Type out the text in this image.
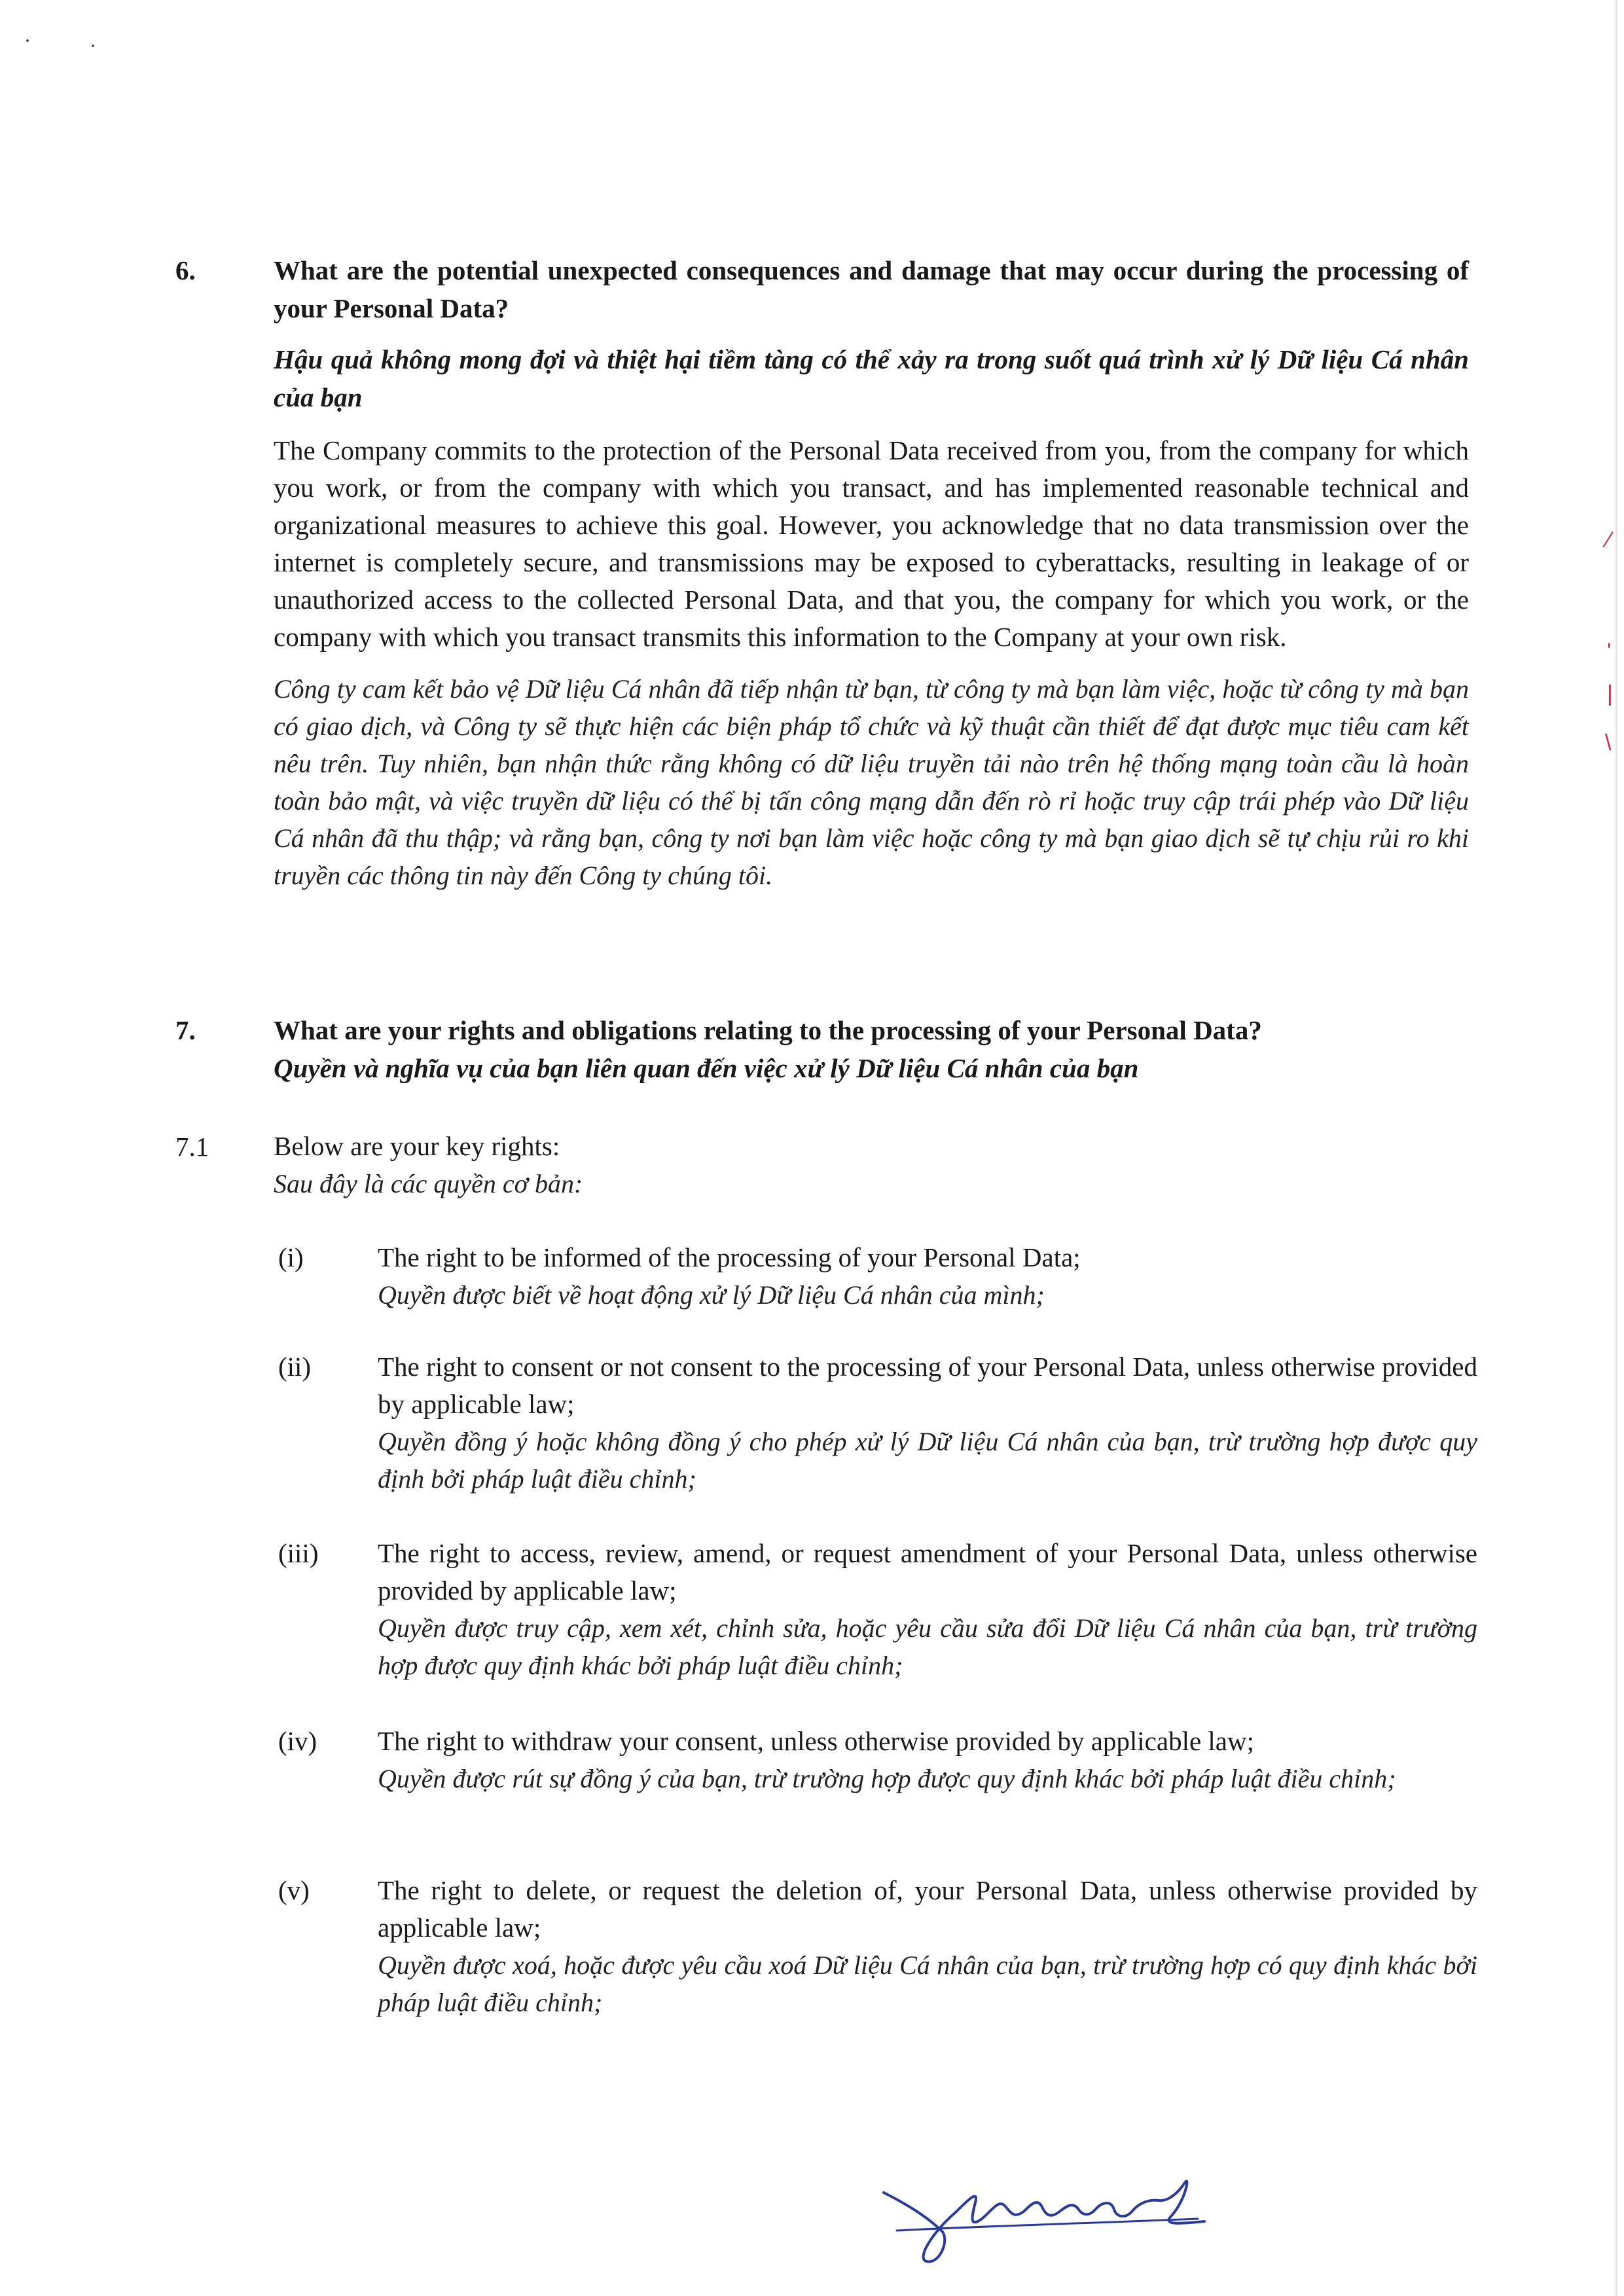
⁄
'
|
\
6.	What are the potential unexpected consequences and damage that may occur during the processing of your Personal Data?

Hậu quả không mong đợi và thiệt hại tiềm tàng có thể xảy ra trong suốt quá trình xử lý Dữ liệu Cá nhân của bạn

The Company commits to the protection of the Personal Data received from you, from the company for which you work, or from the company with which you transact, and has implemented reasonable technical and organizational measures to achieve this goal. However, you acknowledge that no data transmission over the internet is completely secure, and transmissions may be exposed to cyberattacks, resulting in leakage of or unauthorized access to the collected Personal Data, and that you, the company for which you work, or the company with which you transact transmits this information to the Company at your own risk.

Công ty cam kết bảo vệ Dữ liệu Cá nhân đã tiếp nhận từ bạn, từ công ty mà bạn làm việc, hoặc từ công ty mà bạn có giao dịch, và Công ty sẽ thực hiện các biện pháp tổ chức và kỹ thuật cần thiết để đạt được mục tiêu cam kết nêu trên. Tuy nhiên, bạn nhận thức rằng không có dữ liệu truyền tải nào trên hệ thống mạng toàn cầu là hoàn toàn bảo mật, và việc truyền dữ liệu có thể bị tấn công mạng dẫn đến rò rỉ hoặc truy cập trái phép vào Dữ liệu Cá nhân đã thu thập; và rằng bạn, công ty nơi bạn làm việc hoặc công ty mà bạn giao dịch sẽ tự chịu rủi ro khi truyền các thông tin này đến Công ty chúng tôi.

7.	What are your rights and obligations relating to the processing of your Personal Data?

Quyền và nghĩa vụ của bạn liên quan đến việc xử lý Dữ liệu Cá nhân của bạn

7.1 Below are your key rights:

Sau đây là các quyền cơ bản:

(i)	The right to be informed of the processing of your Personal Data;

Quyền được biết về hoạt động xử lý Dữ liệu Cá nhân của mình;

(ii) The right to consent or not consent to the processing of your Personal Data, unless otherwise provided by applicable law;

Quyền đồng ý hoặc không đồng ý cho phép xử lý Dữ liệu Cá nhân của bạn, trừ trường hợp được quy định bởi pháp luật điều chỉnh;

(iii) The right to access, review, amend, or request amendment of your Personal Data, unless otherwise provided by applicable law;

Quyền được truy cập, xem xét, chỉnh sửa, hoặc yêu cầu sửa đổi Dữ liệu Cá nhân của bạn, trừ trường hợp được quy định khác bởi pháp luật điều chỉnh;

(iv) The right to withdraw your consent, unless otherwise provided by applicable law;

Quyền được rút sự đồng ý của bạn, trừ trường hợp được quy định khác bởi pháp luật điều chỉnh;

(v)	The right to delete, or request the deletion of, your Personal Data, unless otherwise provided by applicable law;

Quyền được xoá, hoặc được yêu cầu xoá Dữ liệu Cá nhân của bạn, trừ trường hợp có quy định khác bởi pháp luật điều chỉnh;
